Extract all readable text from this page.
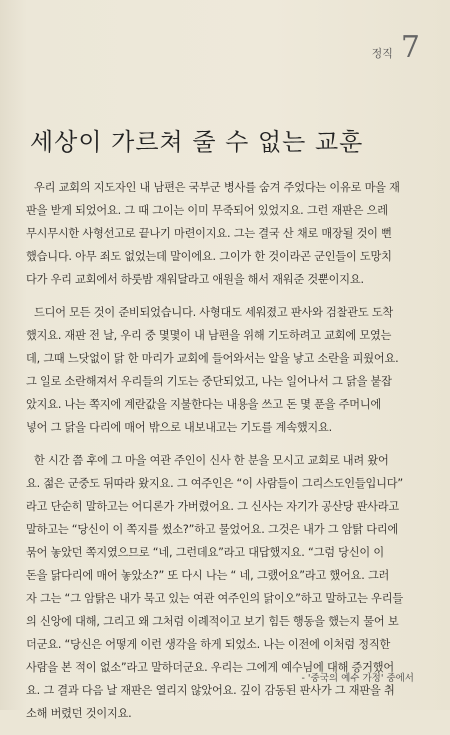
정직 7
세상이 가르쳐 줄 수 없는 교훈

우리 교회의 지도자인 내 남편은 국부군 병사를 숨겨 주었다는 이유로 마을 재

판을 받게 되었어요. 그 때 그이는 이미 무죽되어 있었지요. 그런 재판은 으레

무시무시한 사형선고로 끝나기 마련이지요. 그는 결국 산 채로 매장될 것이 뻔

했습니다. 아무 죄도 없었는데 말이에요. 그이가 한 것이라곤 군인들이 도망치

다가 우리 교회에서 하룻밤 재워달라고 애원을 해서 재워준 것뿐이지요.

드디어 모든 것이 준비되었습니다. 사형대도 세워졌고 판사와 검찰관도 도착

했지요. 재판 전 날, 우리 중 몇몇이 내 남편을 위해 기도하려고 교회에 모였는

데, 그때 느닷없이 닭 한 마리가 교회에 들어와서는 알을 낳고 소란을 피웠어요.

그 일로 소란해져서 우리들의 기도는 중단되었고, 나는 일어나서 그 닭을 붙잡

았지요. 나는 쪽지에 계란값을 지불한다는 내용을 쓰고 돈 몇 푼을 주머니에

넣어 그 닭을 다리에 매어 밖으로 내보내고는 기도를 계속했지요.

한 시간 쯤 후에 그 마을 여관 주인이 신사 한 분을 모시고 교회로 내려 왔어

요. 젊은 군중도 뒤따라 왔지요. 그 여주인은 “이 사람들이 그리스도인들입니다”

라고 단순히 말하고는 어디론가 가버렸어요. 그 신사는 자기가 공산당 판사라고

말하고는 “당신이 이 쪽지를 썼소?”하고 물었어요. 그것은 내가 그 암탉 다리에

묶어 놓았던 쪽지였으므로 “네, 그런데요”라고 대답했지요. “그럼 당신이 이

돈을 닭다리에 매어 놓았소?” 또 다시 나는 “ 네, 그랬어요”라고 했어요. 그러

자 그는 “그 암탉은 내가 묵고 있는 여관 여주인의 닭이오”하고 말하고는 우리들

의 신앙에 대해, 그리고 왜 그처럼 이례적이고 보기 힘든 행동을 했는지 물어 보

더군요. “당신은 어떻게 이런 생각을 하게 되었소. 나는 이전에 이처럼 정직한

사람을 본 적이 없소”라고 말하더군요. 우리는 그에게 예수님에 대해 증거했어

요. 그 결과 다음 날 재판은 열리지 않았어요. 깊이 감동된 판사가 그 재판을 취

소해 버렸던 것이지요.

- '중국의 예수 가정' 중에서
